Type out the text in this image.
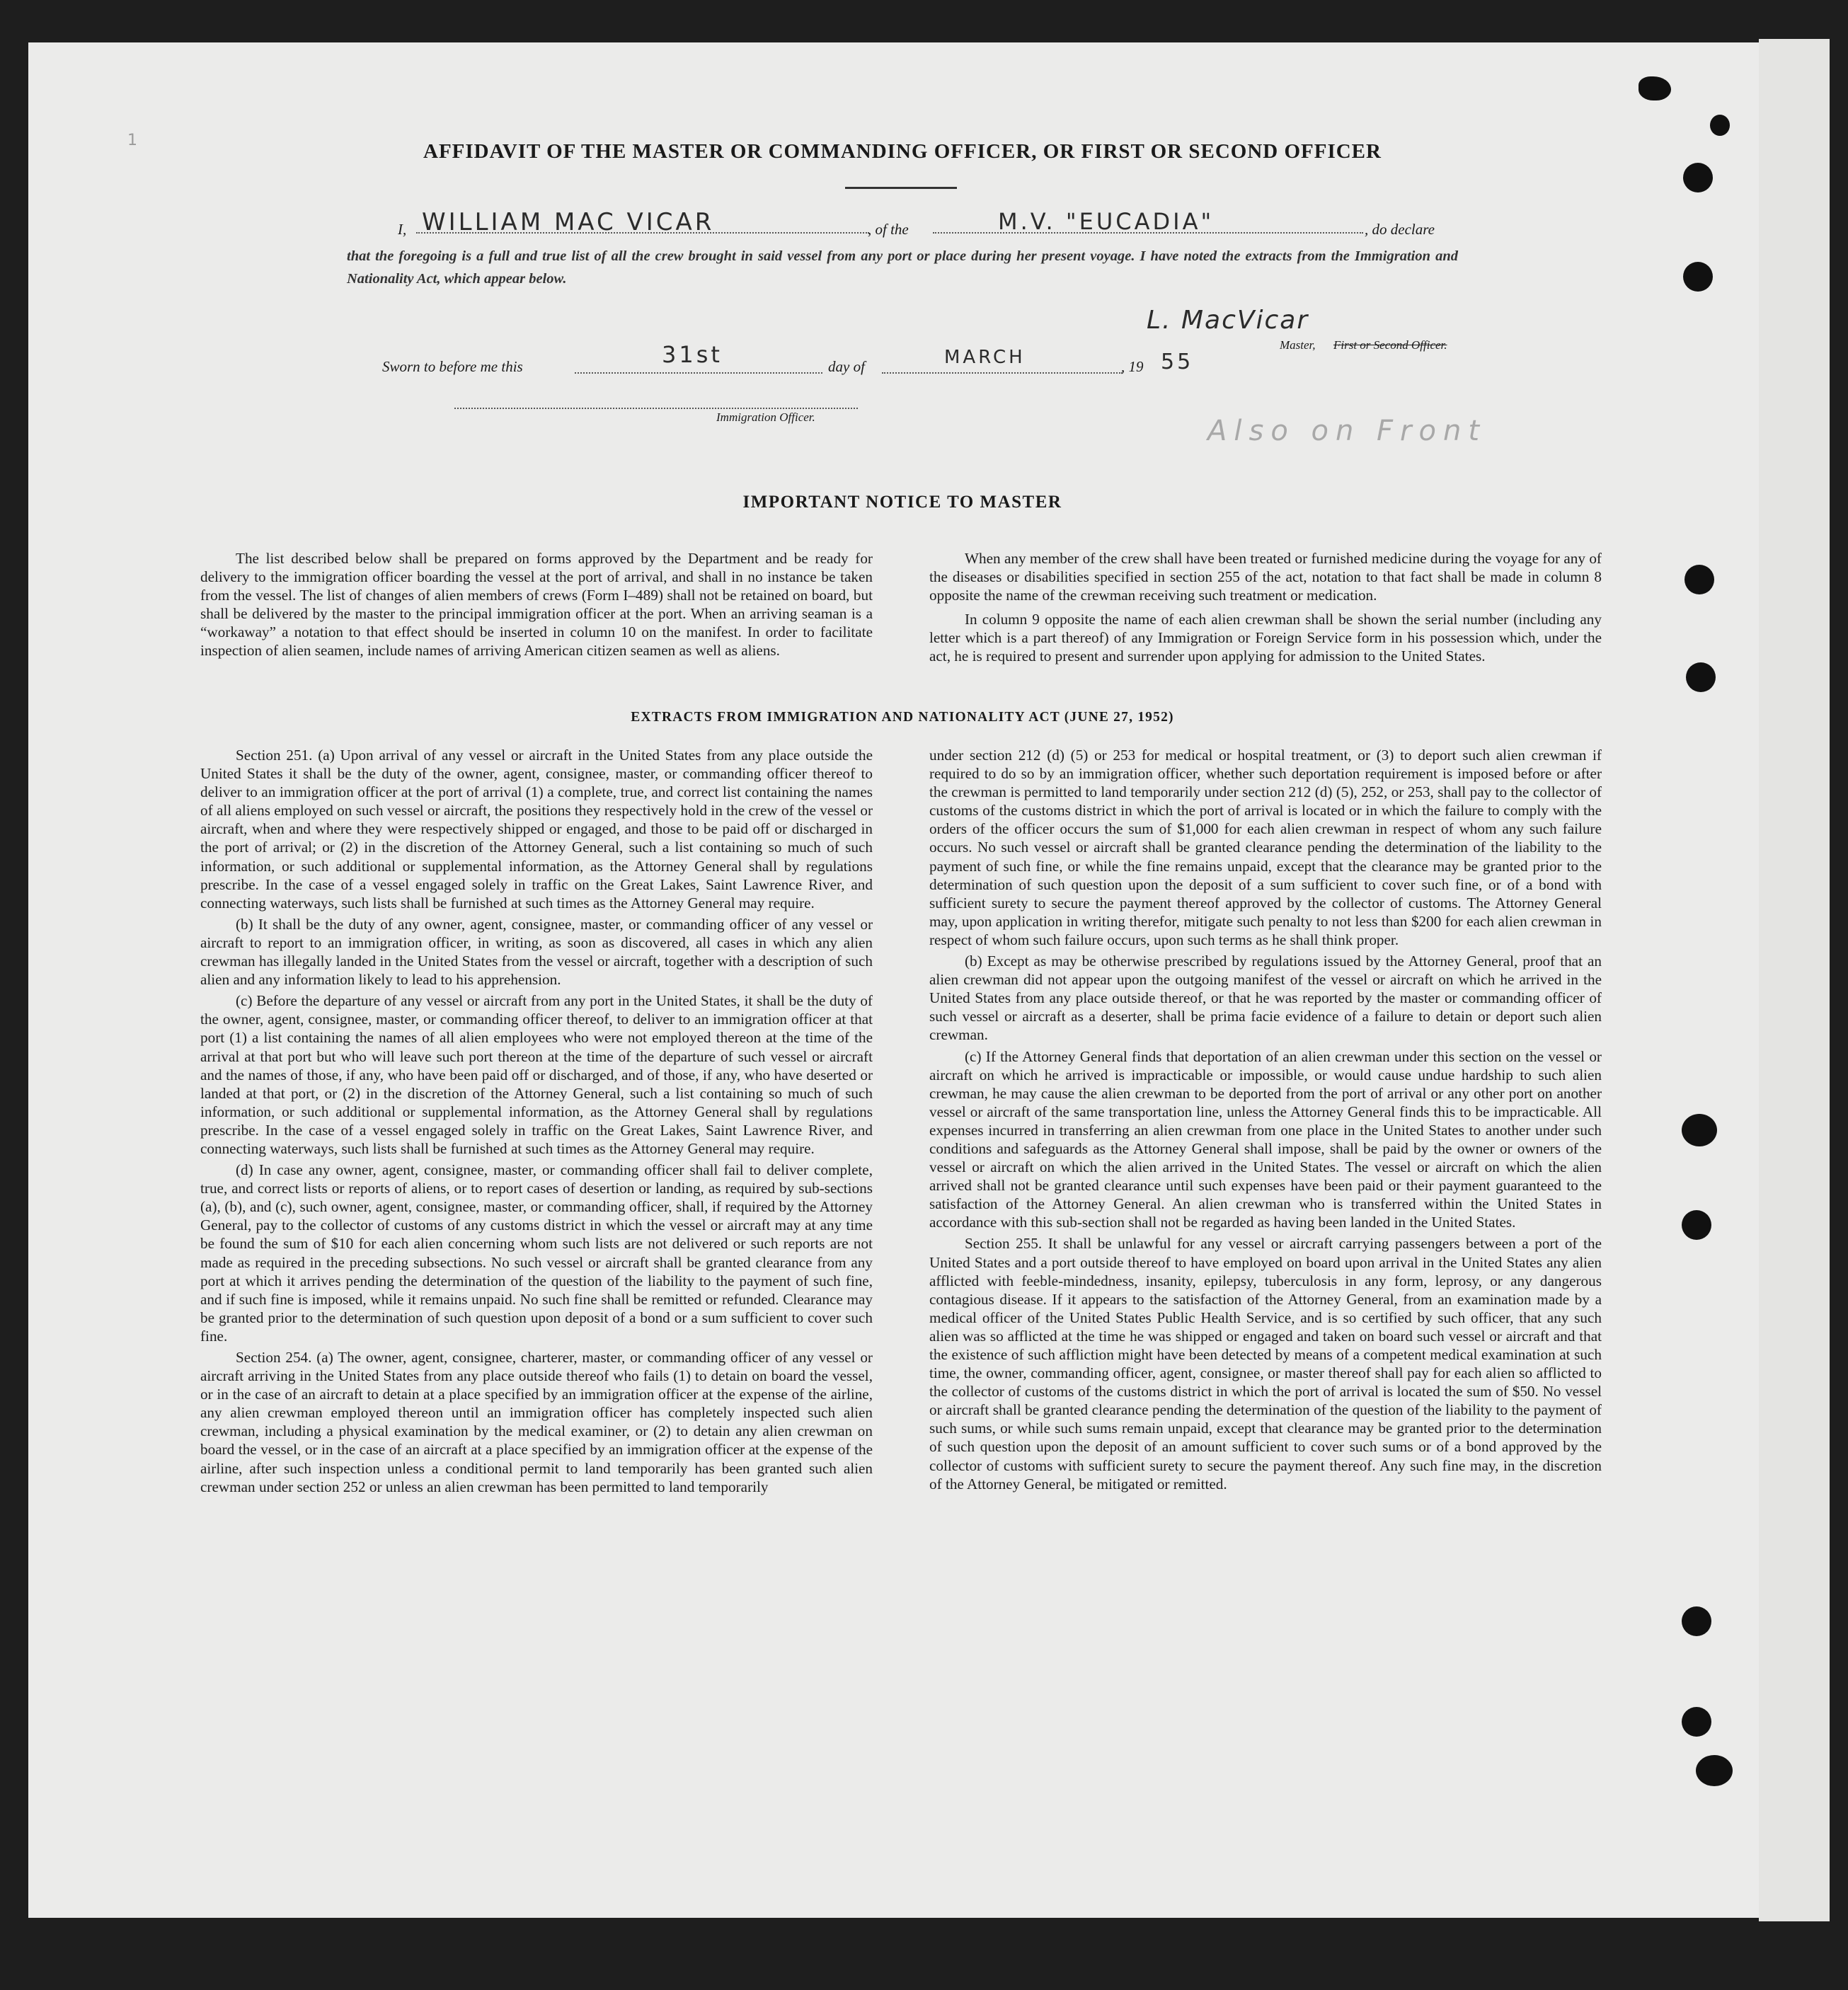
1	AFFIDAVIT OF THE MASTER OR COMMANDING OFFICER, OR FIRST OR SECOND OFFICER
I, WILLIAM MAC VICAR	, of the	M.V. "EUCADIA"	, do declare
that the foregoing is a full and true list of all the crew brought in said vessel from any port or place during her present voyage. I have noted the extracts from the Immigration and Nationality Act, which appear below.
L. MacVicar
Master, First or Second Officer.
Sworn to before me this	31st	day of	MARCH	, 19 55
Immigration Officer.	Also on Front
IMPORTANT NOTICE TO MASTER

The list described below shall be prepared on forms approved by the Department and be ready for delivery to the immigration officer boarding the vessel at the port of arrival, and shall in no instance be taken from the vessel. The list of changes of alien members of crews (Form I–489) shall not be retained on board, but shall be delivered by the master to the principal immigration officer at the port. When an arriving seaman is a “workaway” a notation to that effect should be inserted in column 10 on the manifest. In order to facilitate inspection of alien seamen, include names of arriving American citizen seamen as well as aliens.

When any member of the crew shall have been treated or furnished medicine during the voyage for any of the diseases or disabilities specified in section 255 of the act, notation to that fact shall be made in column 8 opposite the name of the crewman receiving such treatment or medication.

In column 9 opposite the name of each alien crewman shall be shown the serial number (including any letter which is a part thereof) of any Immigration or Foreign Service form in his possession which, under the act, he is required to present and surrender upon applying for admission to the United States.

EXTRACTS FROM IMMIGRATION AND NATIONALITY ACT (JUNE 27, 1952)

Section 251. (a) Upon arrival of any vessel or aircraft in the United States from any place outside the United States it shall be the duty of the owner, agent, consignee, master, or commanding officer thereof to deliver to an immigration officer at the port of arrival (1) a complete, true, and correct list containing the names of all aliens employed on such vessel or aircraft, the positions they respectively hold in the crew of the vessel or aircraft, when and where they were respectively shipped or engaged, and those to be paid off or discharged in the port of arrival; or (2) in the discretion of the Attorney General, such a list containing so much of such information, or such additional or supplemental information, as the Attorney General shall by regulations prescribe. In the case of a vessel engaged solely in traffic on the Great Lakes, Saint Lawrence River, and connecting waterways, such lists shall be furnished at such times as the Attorney General may require.

(b) It shall be the duty of any owner, agent, consignee, master, or commanding officer of any vessel or aircraft to report to an immigration officer, in writing, as soon as discovered, all cases in which any alien crewman has illegally landed in the United States from the vessel or aircraft, together with a description of such alien and any information likely to lead to his apprehension.

(c) Before the departure of any vessel or aircraft from any port in the United States, it shall be the duty of the owner, agent, consignee, master, or commanding officer thereof, to deliver to an immigration officer at that port (1) a list containing the names of all alien employees who were not employed thereon at the time of the arrival at that port but who will leave such port thereon at the time of the departure of such vessel or aircraft and the names of those, if any, who have been paid off or discharged, and of those, if any, who have deserted or landed at that port, or (2) in the discretion of the Attorney General, such a list containing so much of such information, or such additional or supplemental information, as the Attorney General shall by regulations prescribe. In the case of a vessel engaged solely in traffic on the Great Lakes, Saint Lawrence River, and connecting waterways, such lists shall be furnished at such times as the Attorney General may require.

(d) In case any owner, agent, consignee, master, or commanding officer shall fail to deliver complete, true, and correct lists or reports of aliens, or to report cases of desertion or landing, as required by sub-sections (a), (b), and (c), such owner, agent, consignee, master, or commanding officer, shall, if required by the Attorney General, pay to the collector of customs of any customs district in which the vessel or aircraft may at any time be found the sum of $10 for each alien concerning whom such lists are not delivered or such reports are not made as required in the preceding subsections. No such vessel or aircraft shall be granted clearance from any port at which it arrives pending the determination of the question of the liability to the payment of such fine, and if such fine is imposed, while it remains unpaid. No such fine shall be remitted or refunded. Clearance may be granted prior to the determination of such question upon deposit of a bond or a sum sufficient to cover such fine.

Section 254. (a) The owner, agent, consignee, charterer, master, or commanding officer of any vessel or aircraft arriving in the United States from any place outside thereof who fails (1) to detain on board the vessel, or in the case of an aircraft to detain at a place specified by an immigration officer at the expense of the airline, any alien crewman employed thereon until an immigration officer has completely inspected such alien crewman, including a physical examination by the medical examiner, or (2) to detain any alien crewman on board the vessel, or in the case of an aircraft at a place specified by an immigration officer at the expense of the airline, after such inspection unless a conditional permit to land temporarily has been granted such alien crewman under section 252 or unless an alien crewman has been permitted to land temporarily

under section 212 (d) (5) or 253 for medical or hospital treatment, or (3) to deport such alien crewman if required to do so by an immigration officer, whether such deportation requirement is imposed before or after the crewman is permitted to land temporarily under section 212 (d) (5), 252, or 253, shall pay to the collector of customs of the customs district in which the port of arrival is located or in which the failure to comply with the orders of the officer occurs the sum of $1,000 for each alien crewman in respect of whom any such failure occurs. No such vessel or aircraft shall be granted clearance pending the determination of the liability to the payment of such fine, or while the fine remains unpaid, except that the clearance may be granted prior to the determination of such question upon the deposit of a sum sufficient to cover such fine, or of a bond with sufficient surety to secure the payment thereof approved by the collector of customs. The Attorney General may, upon application in writing therefor, mitigate such penalty to not less than $200 for each alien crewman in respect of whom such failure occurs, upon such terms as he shall think proper.

(b) Except as may be otherwise prescribed by regulations issued by the Attorney General, proof that an alien crewman did not appear upon the outgoing manifest of the vessel or aircraft on which he arrived in the United States from any place outside thereof, or that he was reported by the master or commanding officer of such vessel or aircraft as a deserter, shall be prima facie evidence of a failure to detain or deport such alien crewman.

(c) If the Attorney General finds that deportation of an alien crewman under this section on the vessel or aircraft on which he arrived is impracticable or impossible, or would cause undue hardship to such alien crewman, he may cause the alien crewman to be deported from the port of arrival or any other port on another vessel or aircraft of the same transportation line, unless the Attorney General finds this to be impracticable. All expenses incurred in transferring an alien crewman from one place in the United States to another under such conditions and safeguards as the Attorney General shall impose, shall be paid by the owner or owners of the vessel or aircraft on which the alien arrived in the United States. The vessel or aircraft on which the alien arrived shall not be granted clearance until such expenses have been paid or their payment guaranteed to the satisfaction of the Attorney General. An alien crewman who is transferred within the United States in accordance with this sub-section shall not be regarded as having been landed in the United States.

Section 255. It shall be unlawful for any vessel or aircraft carrying passengers between a port of the United States and a port outside thereof to have employed on board upon arrival in the United States any alien afflicted with feeble-mindedness, insanity, epilepsy, tuberculosis in any form, leprosy, or any dangerous contagious disease. If it appears to the satisfaction of the Attorney General, from an examination made by a medical officer of the United States Public Health Service, and is so certified by such officer, that any such alien was so afflicted at the time he was shipped or engaged and taken on board such vessel or aircraft and that the existence of such affliction might have been detected by means of a competent medical examination at such time, the owner, commanding officer, agent, consignee, or master thereof shall pay for each alien so afflicted to the collector of customs of the customs district in which the port of arrival is located the sum of $50. No vessel or aircraft shall be granted clearance pending the determination of the question of the liability to the payment of such sums, or while such sums remain unpaid, except that clearance may be granted prior to the determination of such question upon the deposit of an amount sufficient to cover such sums or of a bond approved by the collector of customs with sufficient surety to secure the payment thereof. Any such fine may, in the discretion of the Attorney General, be mitigated or remitted.
